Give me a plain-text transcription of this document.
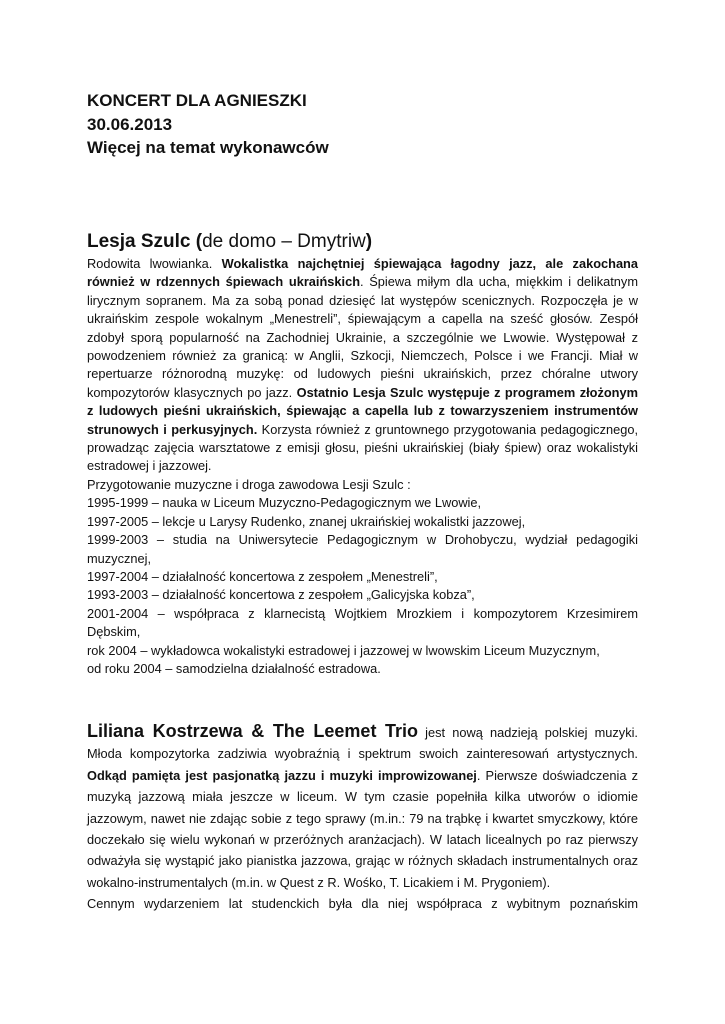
KONCERT DLA AGNIESZKI
30.06.2013
Więcej na temat wykonawców
Lesja Szulc (de domo – Dmytriw)
Rodowita lwowianka. Wokalistka najchętniej śpiewająca łagodny jazz, ale zakochana również w rdzennych śpiewach ukraińskich. Śpiewa miłym dla ucha, miękkim i delikatnym lirycznym sopranem. Ma za sobą ponad dziesięć lat występów scenicznych. Rozpoczęła je w ukraińskim zespole wokalnym „Menestreli”, śpiewającym a capella na sześć głosów. Zespół zdobył sporą popularność na Zachodniej Ukrainie, a szczególnie we Lwowie. Występował z powodzeniem również za granicą: w Anglii, Szkocji, Niemczech, Polsce i we Francji. Miał w repertuarze różnorodną muzykę: od ludowych pieśni ukraińskich, przez chóralne utwory kompozytorów klasycznych po jazz. Ostatnio Lesja Szulc występuje z programem złożonym z ludowych pieśni ukraińskich, śpiewając a capella lub z towarzyszeniem instrumentów strunowych i perkusyjnych. Korzysta również z gruntownego przygotowania pedagogicznego, prowadząc zajęcia warsztatowe z emisji głosu, pieśni ukraińskiej (biały śpiew) oraz wokalistyki estradowej i jazzowej.
Przygotowanie muzyczne i droga zawodowa Lesji Szulc :
1995-1999 – nauka w Liceum Muzyczno-Pedagogicznym we Lwowie,
1997-2005 – lekcje u Larysy Rudenko, znanej ukraińskiej wokalistki jazzowej,
1999-2003 – studia na Uniwersytecie Pedagogicznym w Drohobyczu, wydział pedagogiki muzycznej,
1997-2004 – działalność koncertowa z zespołem „Menestreli”,
1993-2003 – działalność koncertowa z zespołem „Galicyjska kobza”,
2001-2004 – współpraca z klarnecistą Wojtkiem Mrozkiem i kompozytorem Krzesimirem Dębskim,
rok 2004 – wykładowca wokalistyki estradowej i jazzowej w lwowskim Liceum Muzycznym,
od roku 2004 – samodzielna działalność estradowa.
Liliana Kostrzewa & The Leemet Trio jest nową nadzieją polskiej muzyki. Młoda kompozytorka zadziwia wyobraźnią i spektrum swoich zainteresowań artystycznych. Odkąd pamięta jest pasjonatką jazzu i muzyki improwizowanej. Pierwsze doświadczenia z muzyką jazzową miała jeszcze w liceum. W tym czasie popełniła kilka utworów o idiomie jazzowym, nawet nie zdając sobie z tego sprawy (m.in.: 79 na trąbkę i kwartet smyczkowy, które doczekało się wielu wykonań w przeróżnych aranżacjach). W latach licealnych po raz pierwszy odważyła się wystąpić jako pianistka jazzowa, grając w różnych składach instrumentalnych oraz wokalno-instrumentalych (m.in. w Quest z R. Wośko, T. Licakiem i M. Prygoniem).
Cennym wydarzeniem lat studenckich była dla niej współpraca z wybitnym poznańskim
